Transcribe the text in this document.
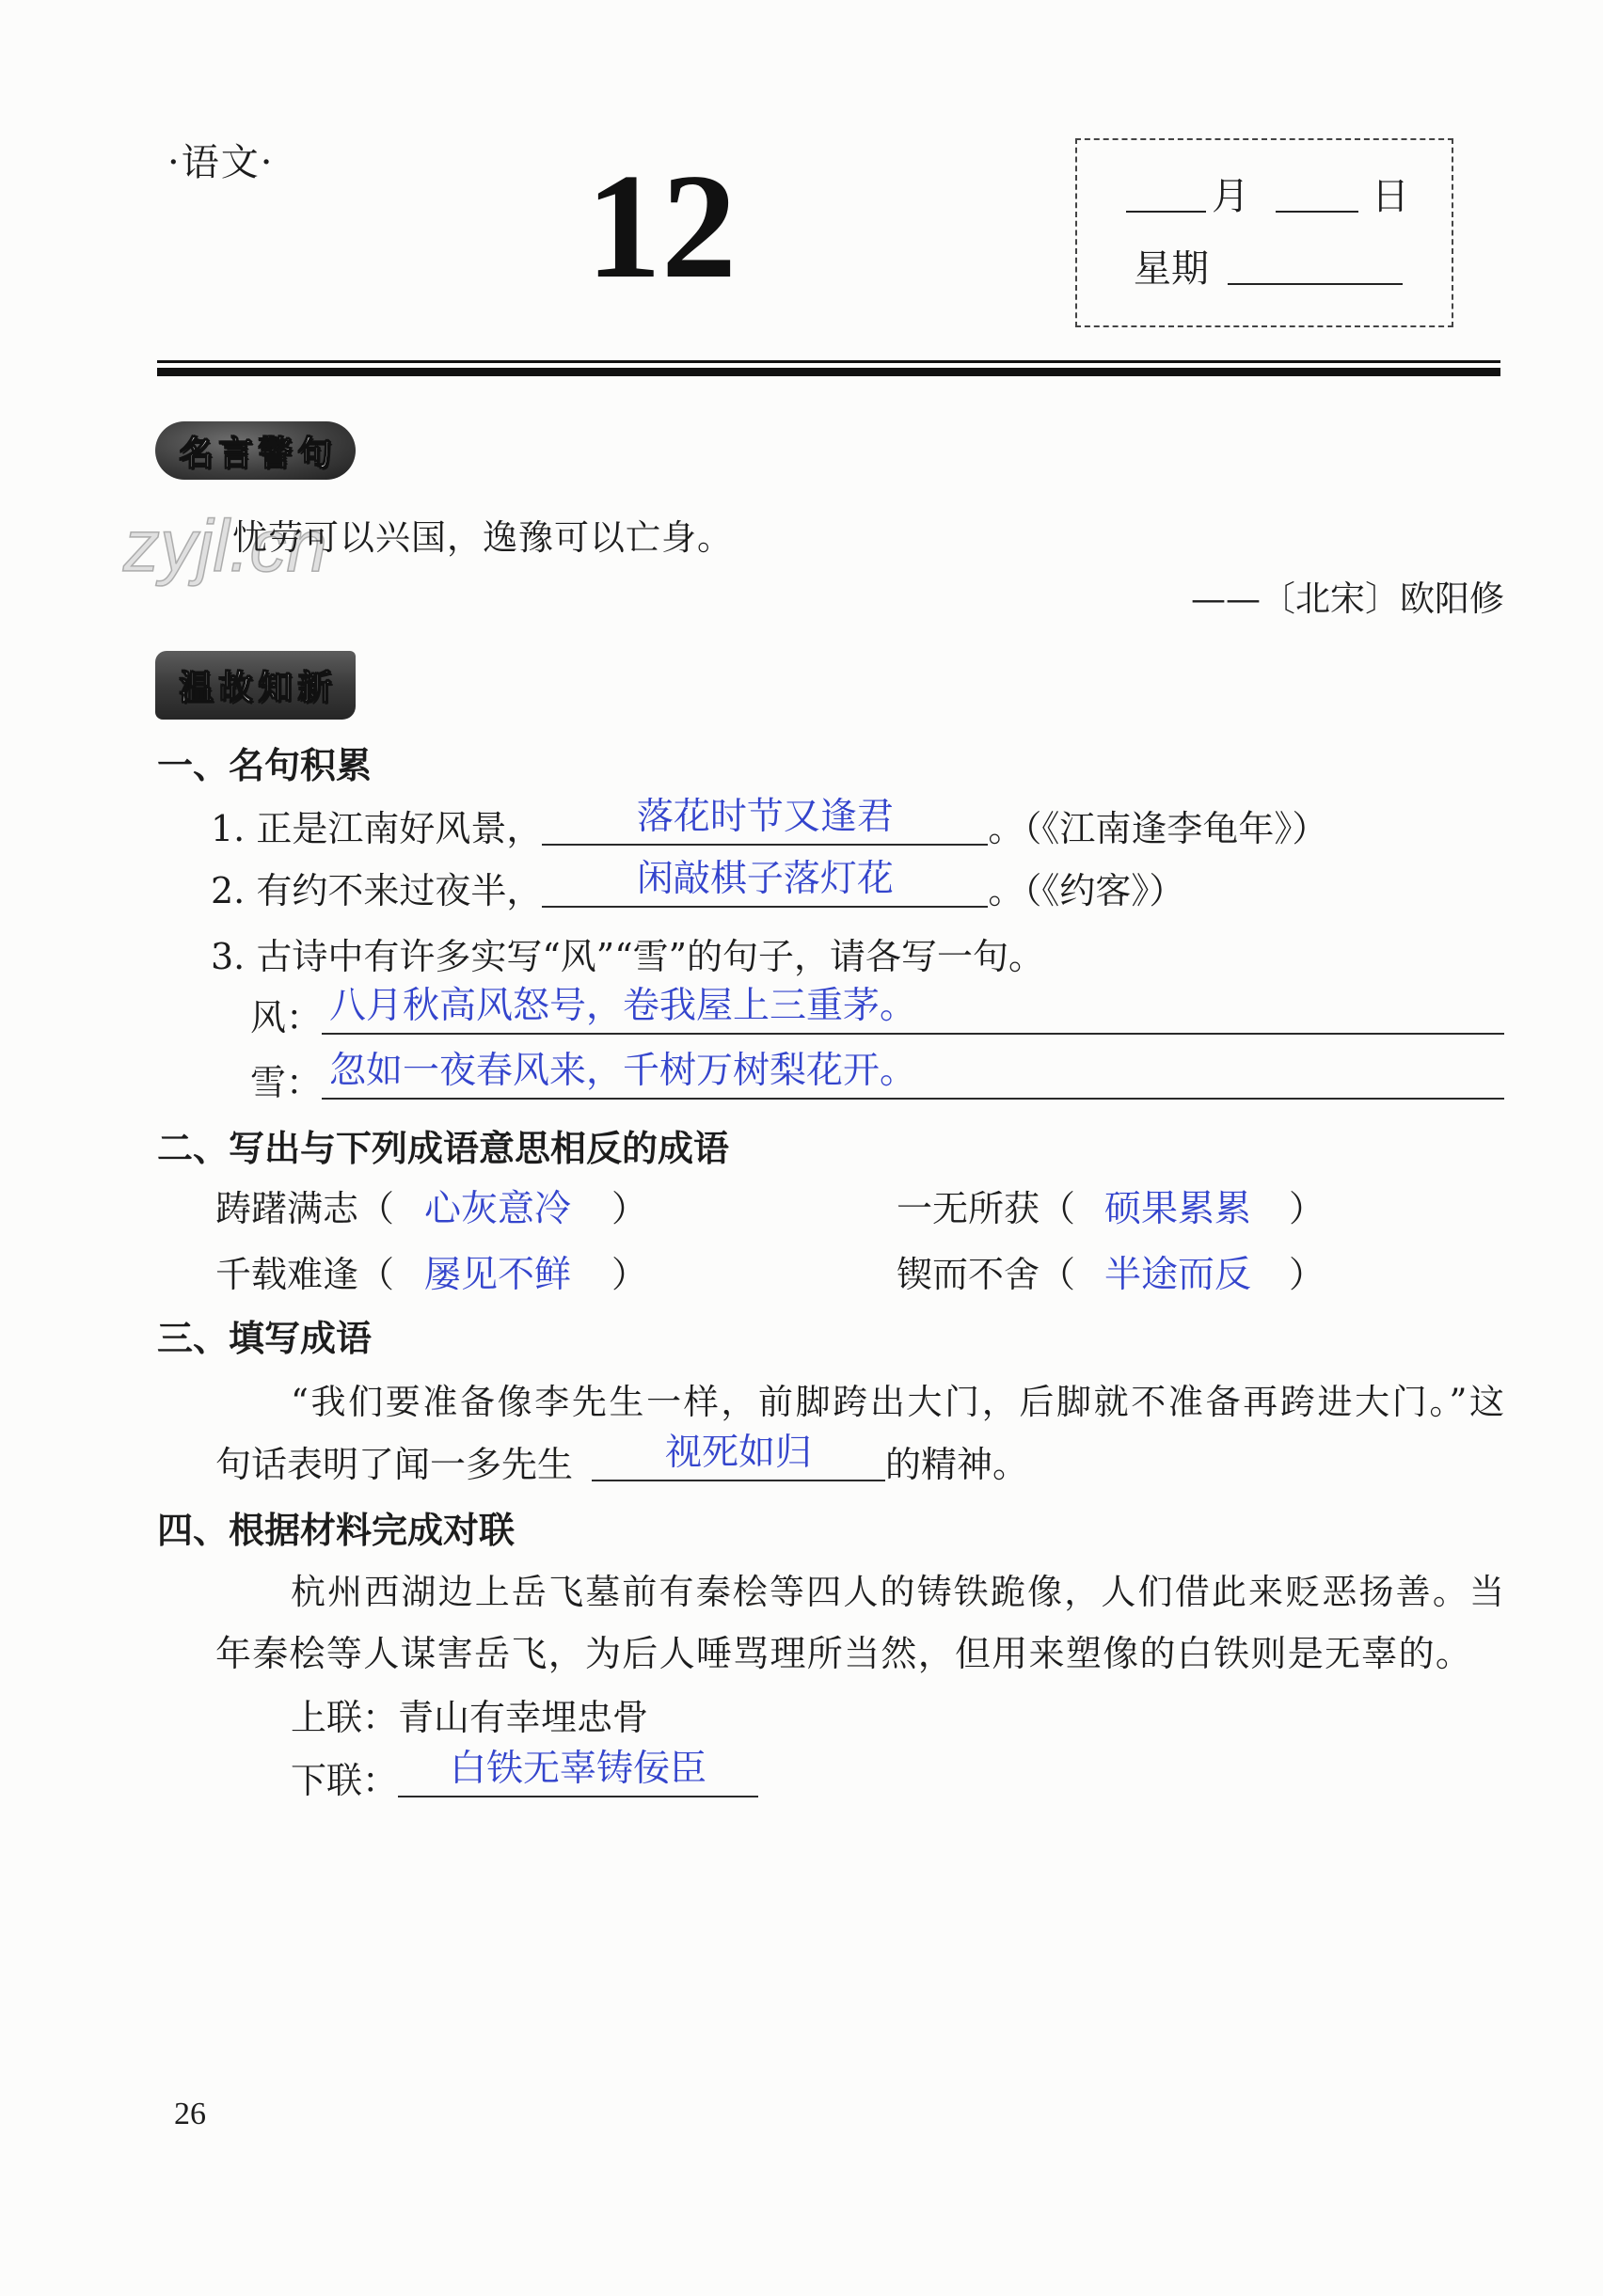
·语文· 12	月	日
星期
名言警句
zyjl.cn
忧劳可以兴国，逸豫可以亡身。
——〔北宋〕欧阳修
温故知新
一、名句积累
1. 正是江南好风景，	落花时节又逢君	。（《江南逢李龟年》）
2. 有约不来过夜半，	闲敲棋子落灯花	。（《约客》）
3. 古诗中有许多实写“风”“雪”的句子，请各写一句。
风： 八月秋高风怒号，卷我屋上三重茅。
雪： 忽如一夜春风来，千树万树梨花开。
二、写出与下列成语意思相反的成语
踌躇满志（ 心灰意冷 ）	一无所获（ 硕果累累 ）
千载难逢（ 屡见不鲜 ）	锲而不舍（ 半途而反 ）
三、填写成语
“我们要准备像李先生一样，前脚跨出大门，后脚就不准备再跨进大门。”这
句话表明了闻一多先生	视死如归	的精神。
四、根据材料完成对联
杭州西湖边上岳飞墓前有秦桧等四人的铸铁跪像，人们借此来贬恶扬善。当
年秦桧等人谋害岳飞，为后人唾骂理所当然，但用来塑像的白铁则是无辜的。
上联：青山有幸埋忠骨
下联：	白铁无辜铸佞臣
26
